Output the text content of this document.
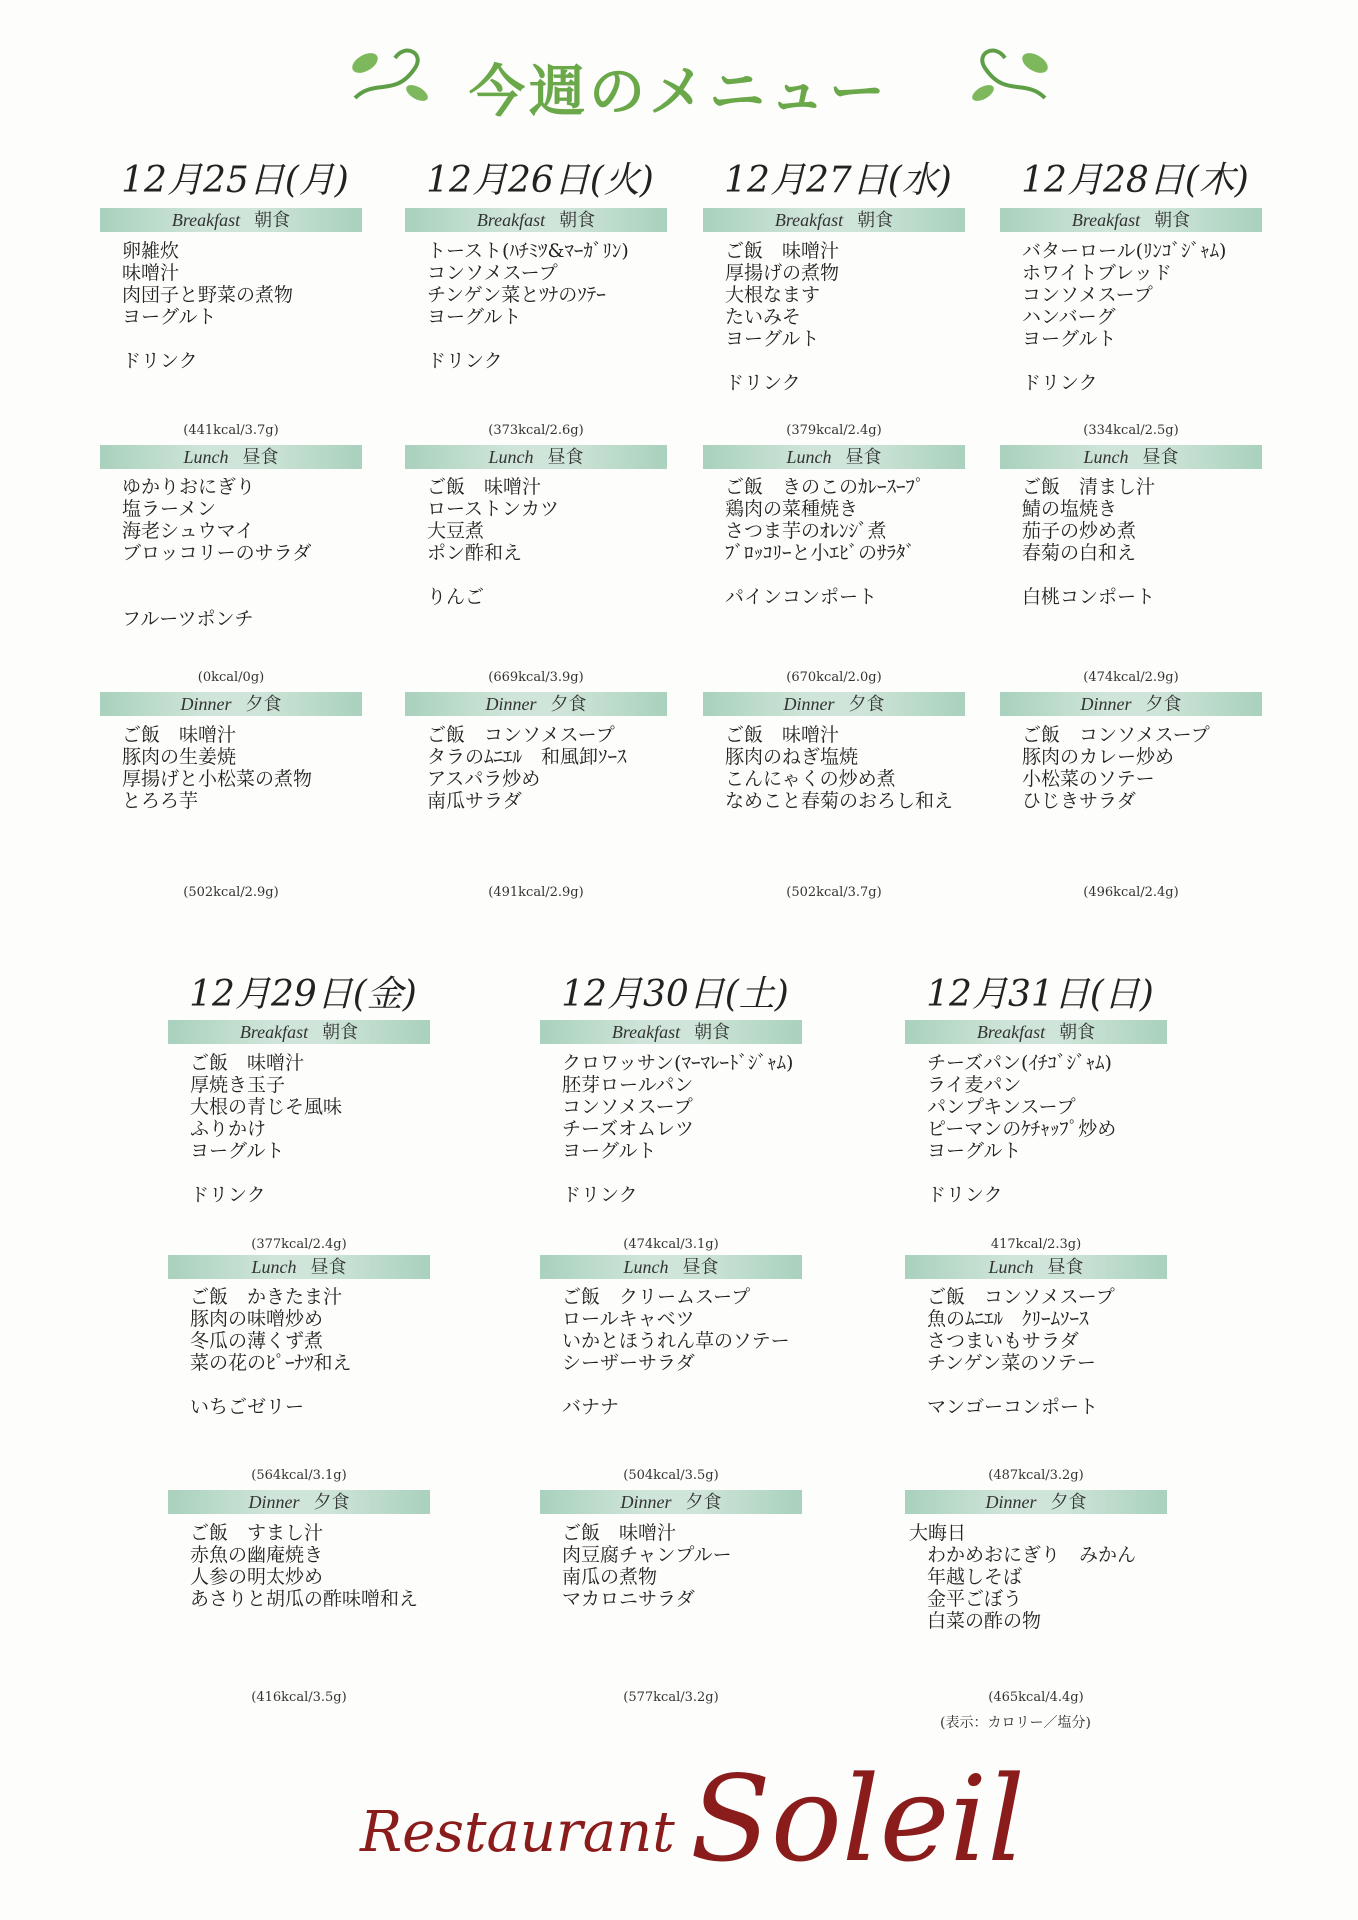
今週のメニュー
12月25日(月)
Breakfast 朝食
卵雑炊
味噌汁
肉団子と野菜の煮物
ヨーグルト
ドリンク
(441kcal/3.7g)
Lunch 昼食
ゆかりおにぎり
塩ラーメン
海老シュウマイ
ブロッコリーのサラダ
フルーツポンチ
(0kcal/0g)
Dinner 夕食
ご飯　味噌汁
豚肉の生姜焼
厚揚げと小松菜の煮物
とろろ芋
(502kcal/2.9g)
12月26日(火)
Breakfast 朝食
トースト(ﾊﾁﾐﾂ&ﾏｰｶﾞﾘﾝ)
コンソメスープ
チンゲン菜とﾂﾅのｿﾃｰ
ヨーグルト
ドリンク
(373kcal/2.6g)
Lunch 昼食
ご飯　味噌汁
ローストンカツ
大豆煮
ポン酢和え
りんご
(669kcal/3.9g)
Dinner 夕食
ご飯　コンソメスープ
タラのﾑﾆｴﾙ　和風卸ｿｰｽ
アスパラ炒め
南瓜サラダ
(491kcal/2.9g)
12月27日(水)
Breakfast 朝食
ご飯　味噌汁
厚揚げの煮物
大根なます
たいみそ
ヨーグルト
ドリンク
(379kcal/2.4g)
Lunch 昼食
ご飯　きのこのｶﾚｰｽｰﾌﾟ
鶏肉の菜種焼き
さつま芋のｵﾚﾝｼﾞ煮
ﾌﾞﾛｯｺﾘｰと小ｴﾋﾞのｻﾗﾀﾞ
パインコンポート
(670kcal/2.0g)
Dinner 夕食
ご飯　味噌汁
豚肉のねぎ塩焼
こんにゃくの炒め煮
なめこと春菊のおろし和え
(502kcal/3.7g)
12月28日(木)
Breakfast 朝食
バターロール(ﾘﾝｺﾞｼﾞｬﾑ)
ホワイトブレッド
コンソメスープ
ハンバーグ
ヨーグルト
ドリンク
(334kcal/2.5g)
Lunch 昼食
ご飯　清まし汁
鯖の塩焼き
茄子の炒め煮
春菊の白和え
白桃コンポート
(474kcal/2.9g)
Dinner 夕食
ご飯　コンソメスープ
豚肉のカレー炒め
小松菜のソテー
ひじきサラダ
(496kcal/2.4g)
12月29日(金)
Breakfast 朝食
ご飯　味噌汁
厚焼き玉子
大根の青じそ風味
ふりかけ
ヨーグルト
ドリンク
(377kcal/2.4g)
Lunch 昼食
ご飯　かきたま汁
豚肉の味噌炒め
冬瓜の薄くず煮
菜の花のﾋﾟｰﾅﾂ和え
いちごゼリー
(564kcal/3.1g)
Dinner 夕食
ご飯　すまし汁
赤魚の幽庵焼き
人参の明太炒め
あさりと胡瓜の酢味噌和え
(416kcal/3.5g)
12月30日(土)
Breakfast 朝食
クロワッサン(ﾏｰﾏﾚｰﾄﾞｼﾞｬﾑ)
胚芽ロールパン
コンソメスープ
チーズオムレツ
ヨーグルト
ドリンク
(474kcal/3.1g)
Lunch 昼食
ご飯　クリームスープ
ロールキャベツ
いかとほうれん草のソテー
シーザーサラダ
バナナ
(504kcal/3.5g)
Dinner 夕食
ご飯　味噌汁
肉豆腐チャンプルー
南瓜の煮物
マカロニサラダ
(577kcal/3.2g)
12月31日(日)
Breakfast 朝食
チーズパン(ｲﾁｺﾞｼﾞｬﾑ)
ライ麦パン
パンプキンスープ
ピーマンのｹﾁｬｯﾌﾟ炒め
ヨーグルト
ドリンク
417kcal/2.3g)
Lunch 昼食
ご飯　コンソメスープ
魚のﾑﾆｴﾙ　ｸﾘｰﾑｿｰｽ
さつまいもサラダ
チンゲン菜のソテー
マンゴーコンポート
(487kcal/3.2g)
Dinner 夕食
大晦日
わかめおにぎり　みかん
年越しそば
金平ごぼう
白菜の酢の物
(465kcal/4.4g)
(表示：カロリー／塩分)
Restaurant Soleil
